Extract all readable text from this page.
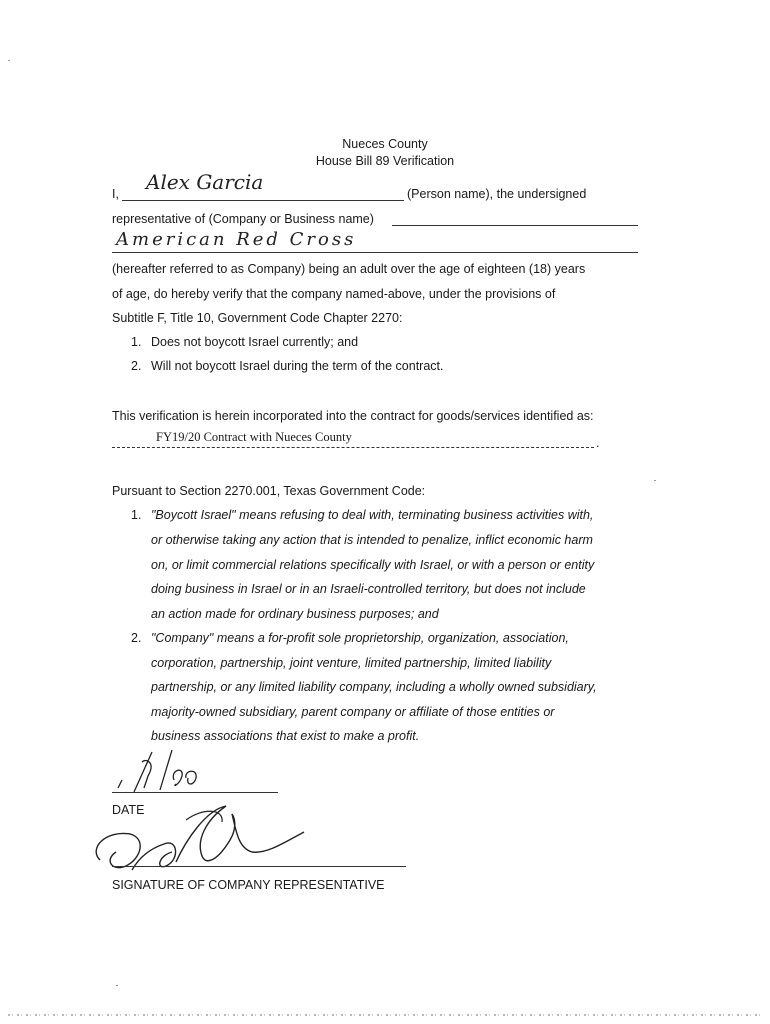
Nueces County
House Bill 89 Verification
I, Alex Garcia	(Person name), the undersigned
representative of (Company or Business name)
American Red Cross
(hereafter referred to as Company) being an adult over the age of eighteen (18) years
of age, do hereby verify that the company named-above, under the provisions of
Subtitle F, Title 10, Government Code Chapter 2270:
1. Does not boycott Israel currently; and
2. Will not boycott Israel during the term of the contract.
This verification is herein incorporated into the contract for goods/services identified as:
FY19/20 Contract with Nueces County	.
Pursuant to Section 2270.001, Texas Government Code:
1. "Boycott Israel" means refusing to deal with, terminating business activities with,
or otherwise taking any action that is intended to penalize, inflict economic harm
on, or limit commercial relations specifically with Israel, or with a person or entity
doing business in Israel or in an Israeli-controlled territory, but does not include
an action made for ordinary business purposes; and
2. "Company" means a for-profit sole proprietorship, organization, association,
corporation, partnership, joint venture, limited partnership, limited liability
partnership, or any limited liability company, including a wholly owned subsidiary,
majority-owned subsidiary, parent company or affiliate of those entities or
business associations that exist to make a profit.
DATE
SIGNATURE OF COMPANY REPRESENTATIVE
